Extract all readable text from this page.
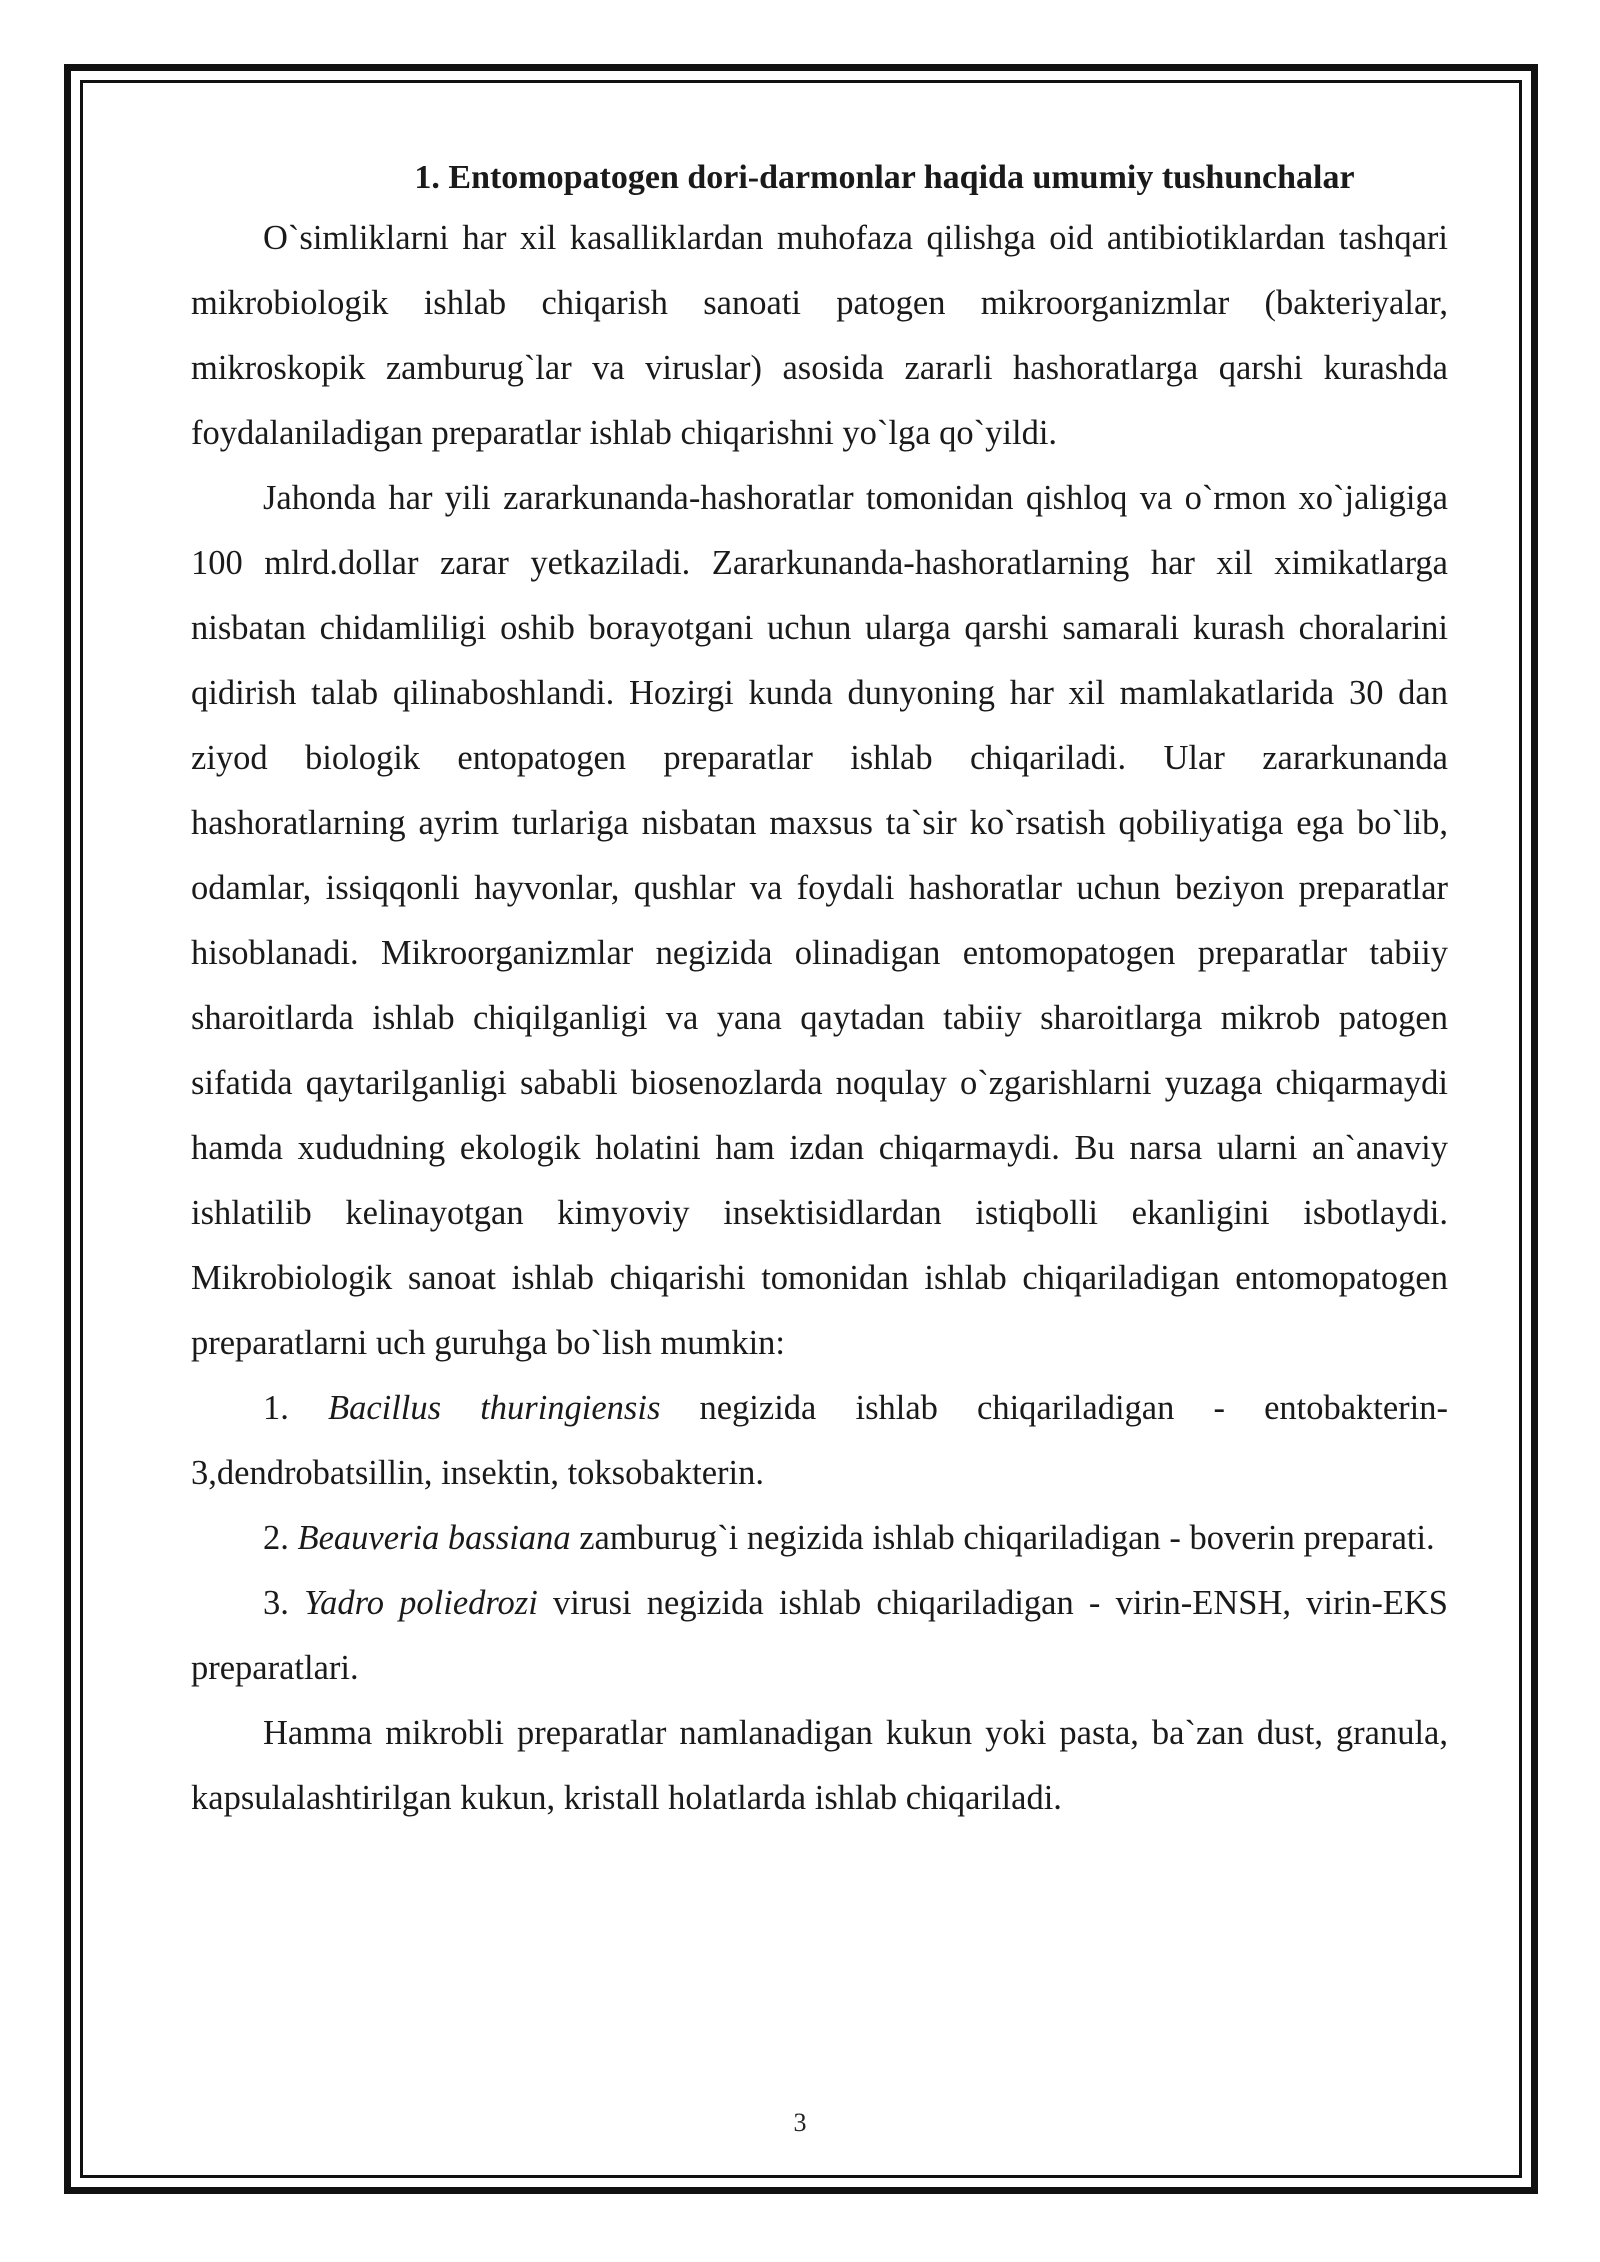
1. Entomopatogen dori-darmonlar haqida umumiy tushunchalar

O`simliklarni har xil kasalliklardan muhofaza qilishga oid antibiotiklardan tashqari mikrobiologik ishlab chiqarish sanoati patogen mikroorganizmlar (bakteriyalar, mikroskopik zamburug`lar va viruslar) asosida zararli hashoratlarga qarshi kurashda foydalaniladigan preparatlar ishlab chiqarishni yo`lga qo`yildi.

Jahonda har yili zararkunanda-hashoratlar tomonidan qishloq va o`rmon xo`jaligiga 100 mlrd.dollar zarar yetkaziladi. Zararkunanda-hashoratlarning har xil ximikatlarga nisbatan chidamliligi oshib borayotgani uchun ularga qarshi samarali kurash choralarini qidirish talab qilinaboshlandi. Hozirgi kunda dunyoning har xil mamlakatlarida 30 dan ziyod biologik entopatogen preparatlar ishlab chiqariladi. Ular zararkunanda hashoratlarning ayrim turlariga nisbatan maxsus ta`sir ko`rsatish qobiliyatiga ega bo`lib, odamlar, issiqqonli hayvonlar, qushlar va foydali hashoratlar uchun beziyon preparatlar hisoblanadi. Mikroorganizmlar negizida olinadigan entomopatogen preparatlar tabiiy sharoitlarda ishlab chiqilganligi va yana qaytadan tabiiy sharoitlarga mikrob patogen sifatida qaytarilganligi sababli biosenozlarda noqulay o`zgarishlarni yuzaga chiqarmaydi hamda xududning ekologik holatini ham izdan chiqarmaydi. Bu narsa ularni an`anaviy ishlatilib kelinayotgan kimyoviy insektisidlardan istiqbolli ekanligini isbotlaydi. Mikrobiologik sanoat ishlab chiqarishi tomonidan ishlab chiqariladigan entomopatogen preparatlarni uch guruhga bo`lish mumkin:

1. Bacillus thuringiensis negizida ishlab chiqariladigan - entobakterin-3,dendrobatsillin, insektin, toksobakterin.

2. Beauveria bassiana zamburug`i negizida ishlab chiqariladigan - boverin preparati.

3. Yadro poliedrozi virusi negizida ishlab chiqariladigan - virin-ENSH, virin-EKS preparatlari.

Hamma mikrobli preparatlar namlanadigan kukun yoki pasta, ba`zan dust, granula, kapsulalashtirilgan kukun, kristall holatlarda ishlab chiqariladi.

3
